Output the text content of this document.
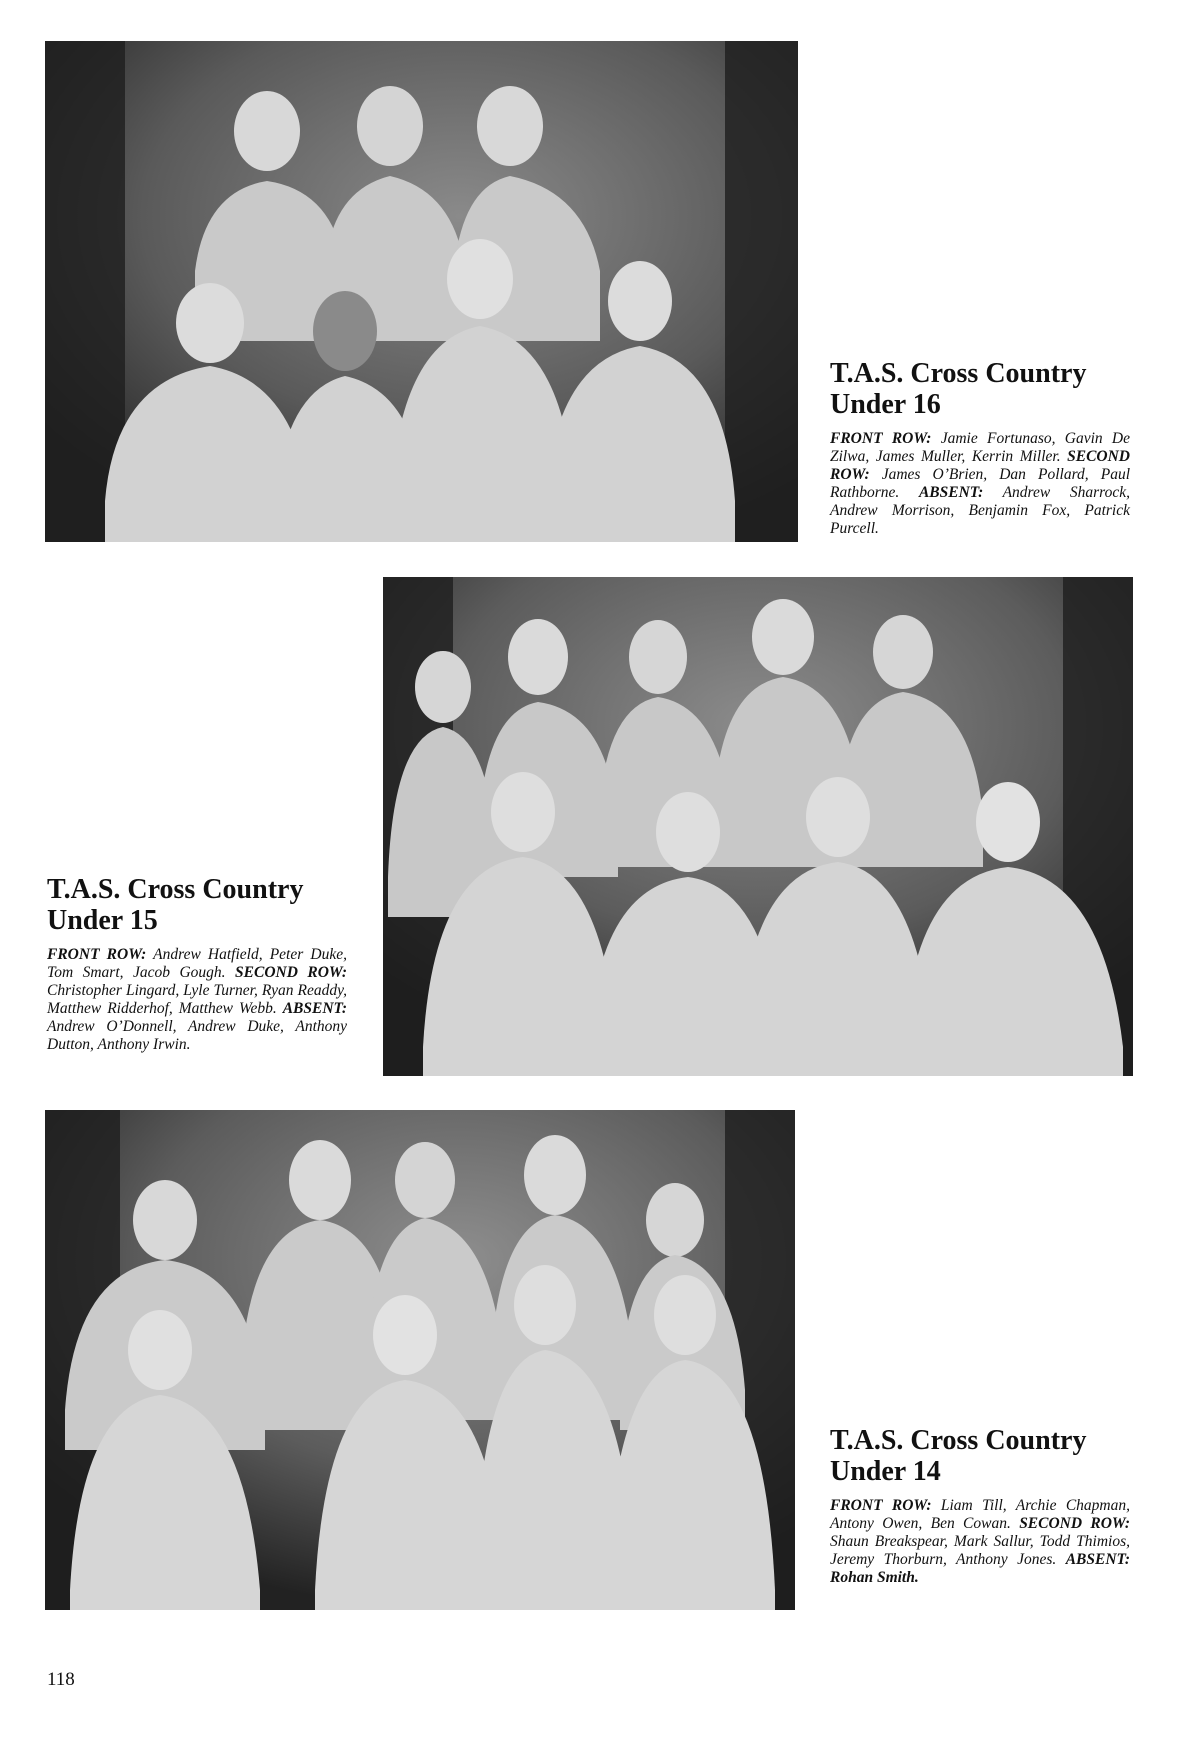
T.A.S. Cross Country
Under 16

FRONT ROW: Jamie Fortunaso, Gavin De Zilwa, James Muller, Kerrin Miller. SECOND ROW: James O’Brien, Dan Pollard, Paul Rathborne. ABSENT: Andrew Sharrock, Andrew Morrison, Benjamin Fox, Patrick Purcell.

T.A.S. Cross Country
Under 15

FRONT ROW: Andrew Hatfield, Peter Duke, Tom Smart, Jacob Gough. SECOND ROW: Christopher Lingard, Lyle Turner, Ryan Readdy, Matthew Ridderhof, Matthew Webb. ABSENT: Andrew O’Donnell, Andrew Duke, Anthony Dutton, Anthony Irwin.

T.A.S. Cross Country
Under 14

FRONT ROW: Liam Till, Archie Chapman, Antony Owen, Ben Cowan. SECOND ROW: Shaun Breakspear, Mark Sallur, Todd Thimios, Jeremy Thorburn, Anthony Jones. ABSENT: Rohan Smith.

118
